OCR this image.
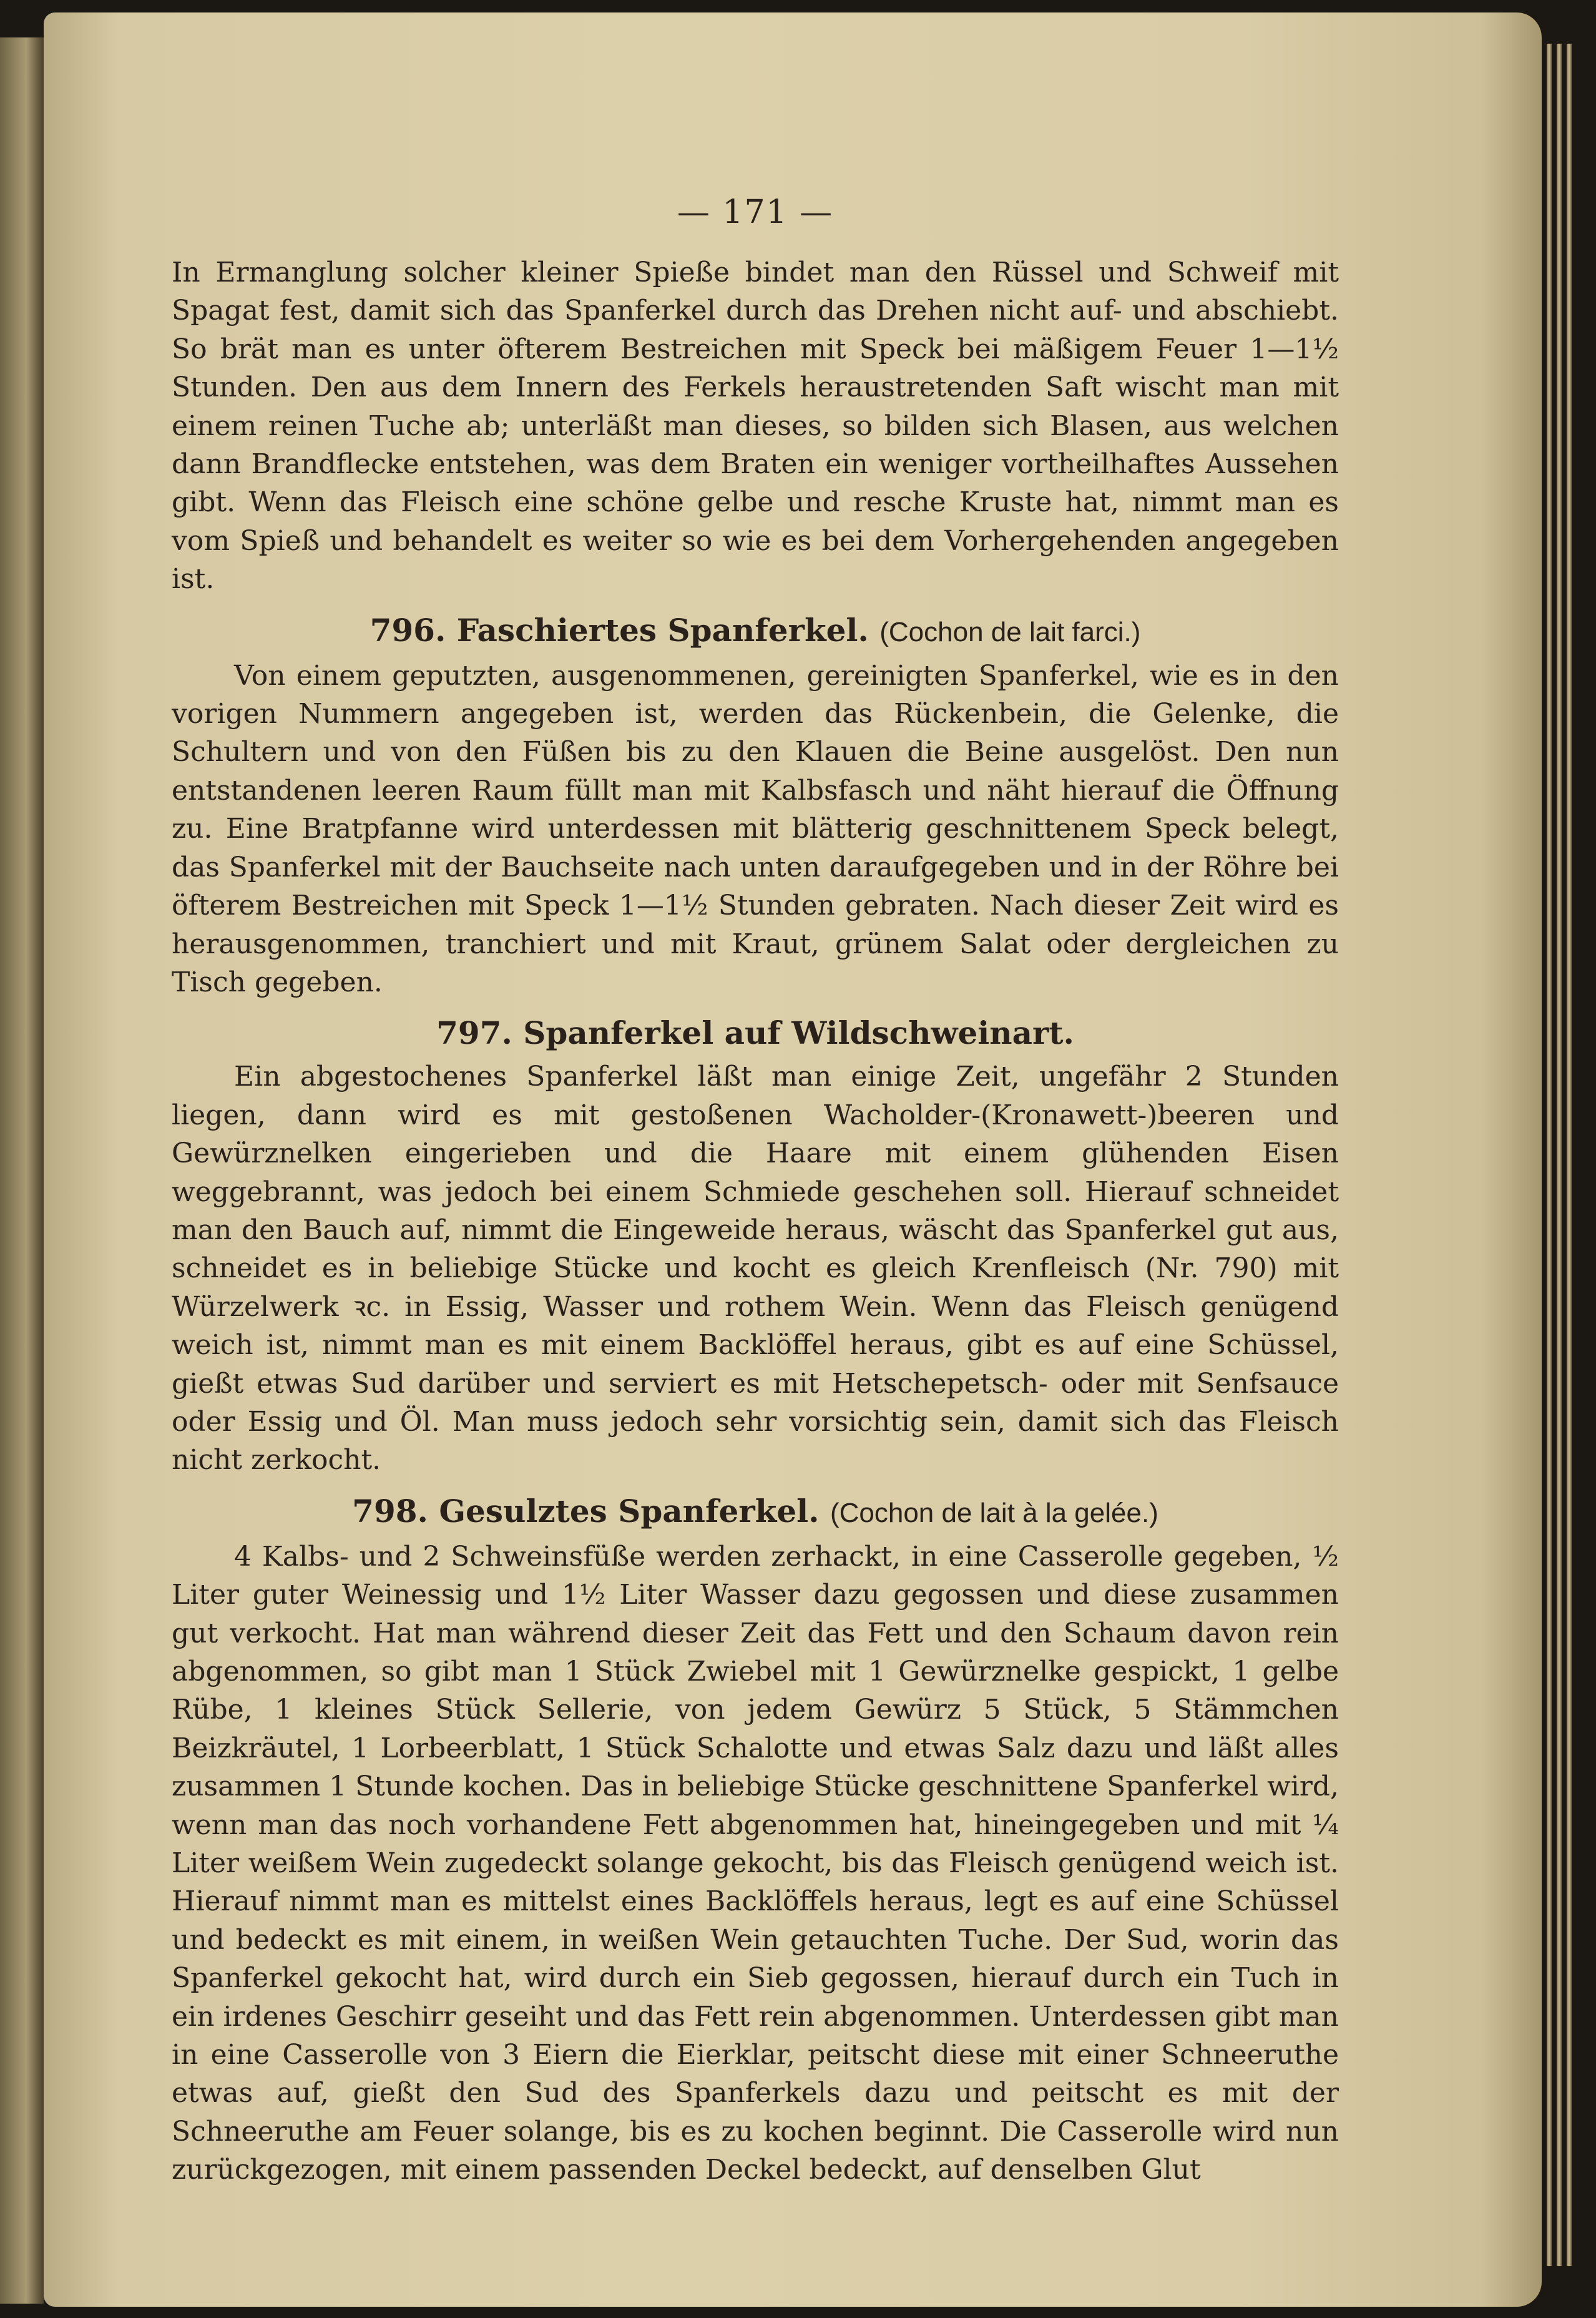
— 171 —

In Ermanglung solcher kleiner Spieße bindet man den Rüssel und Schweif mit Spagat fest, damit sich das Spanferkel durch das Drehen nicht auf- und abschiebt. So brät man es unter öfterem Bestreichen mit Speck bei mäßigem Feuer 1—1½ Stunden. Den aus dem Innern des Ferkels heraustretenden Saft wischt man mit einem reinen Tuche ab; unterläßt man dieses, so bilden sich Blasen, aus welchen dann Brandflecke entstehen, was dem Braten ein weniger vortheilhaftes Aussehen gibt. Wenn das Fleisch eine schöne gelbe und resche Kruste hat, nimmt man es vom Spieß und behandelt es weiter so wie es bei dem Vorhergehenden angegeben ist.

796. Faschiertes Spanferkel. (Cochon de lait farci.)

Von einem geputzten, ausgenommenen, gereinigten Spanferkel, wie es in den vorigen Nummern angegeben ist, werden das Rückenbein, die Gelenke, die Schultern und von den Füßen bis zu den Klauen die Beine ausgelöst. Den nun entstandenen leeren Raum füllt man mit Kalbsfasch und näht hierauf die Öffnung zu. Eine Bratpfanne wird unterdessen mit blätterig geschnittenem Speck belegt, das Spanferkel mit der Bauchseite nach unten daraufgegeben und in der Röhre bei öfterem Bestreichen mit Speck 1—1½ Stunden gebraten. Nach dieser Zeit wird es herausgenommen, tranchiert und mit Kraut, grünem Salat oder dergleichen zu Tisch gegeben.

797. Spanferkel auf Wildschweinart.

Ein abgestochenes Spanferkel läßt man einige Zeit, ungefähr 2 Stunden liegen, dann wird es mit gestoßenen Wacholder-(Kronawett-)beeren und Gewürznelken eingerieben und die Haare mit einem glühenden Eisen weggebrannt, was jedoch bei einem Schmiede geschehen soll. Hierauf schneidet man den Bauch auf, nimmt die Eingeweide heraus, wäscht das Spanferkel gut aus, schneidet es in beliebige Stücke und kocht es gleich Krenfleisch (Nr. 790) mit Würzelwerk ꝛc. in Essig, Wasser und rothem Wein. Wenn das Fleisch genügend weich ist, nimmt man es mit einem Backlöffel heraus, gibt es auf eine Schüssel, gießt etwas Sud darüber und serviert es mit Hetschepetsch- oder mit Senfsauce oder Essig und Öl. Man muss jedoch sehr vorsichtig sein, damit sich das Fleisch nicht zerkocht.

798. Gesulztes Spanferkel. (Cochon de lait à la gelée.)

4 Kalbs- und 2 Schweinsfüße werden zerhackt, in eine Casserolle gegeben, ½ Liter guter Weinessig und 1½ Liter Wasser dazu gegossen und diese zusammen gut verkocht. Hat man während dieser Zeit das Fett und den Schaum davon rein abgenommen, so gibt man 1 Stück Zwiebel mit 1 Gewürznelke gespickt, 1 gelbe Rübe, 1 kleines Stück Sellerie, von jedem Gewürz 5 Stück, 5 Stämmchen Beizkräutel, 1 Lorbeerblatt, 1 Stück Schalotte und etwas Salz dazu und läßt alles zusammen 1 Stunde kochen. Das in beliebige Stücke geschnittene Spanferkel wird, wenn man das noch vorhandene Fett abgenommen hat, hineingegeben und mit ¼ Liter weißem Wein zugedeckt solange gekocht, bis das Fleisch genügend weich ist. Hierauf nimmt man es mittelst eines Backlöffels heraus, legt es auf eine Schüssel und bedeckt es mit einem, in weißen Wein getauchten Tuche. Der Sud, worin das Spanferkel gekocht hat, wird durch ein Sieb gegossen, hierauf durch ein Tuch in ein irdenes Geschirr geseiht und das Fett rein abgenommen. Unterdessen gibt man in eine Casserolle von 3 Eiern die Eierklar, peitscht diese mit einer Schneeruthe etwas auf, gießt den Sud des Spanferkels dazu und peitscht es mit der Schneeruthe am Feuer solange, bis es zu kochen beginnt. Die Casserolle wird nun zurückgezogen, mit einem passenden Deckel bedeckt, auf denselben Glut
